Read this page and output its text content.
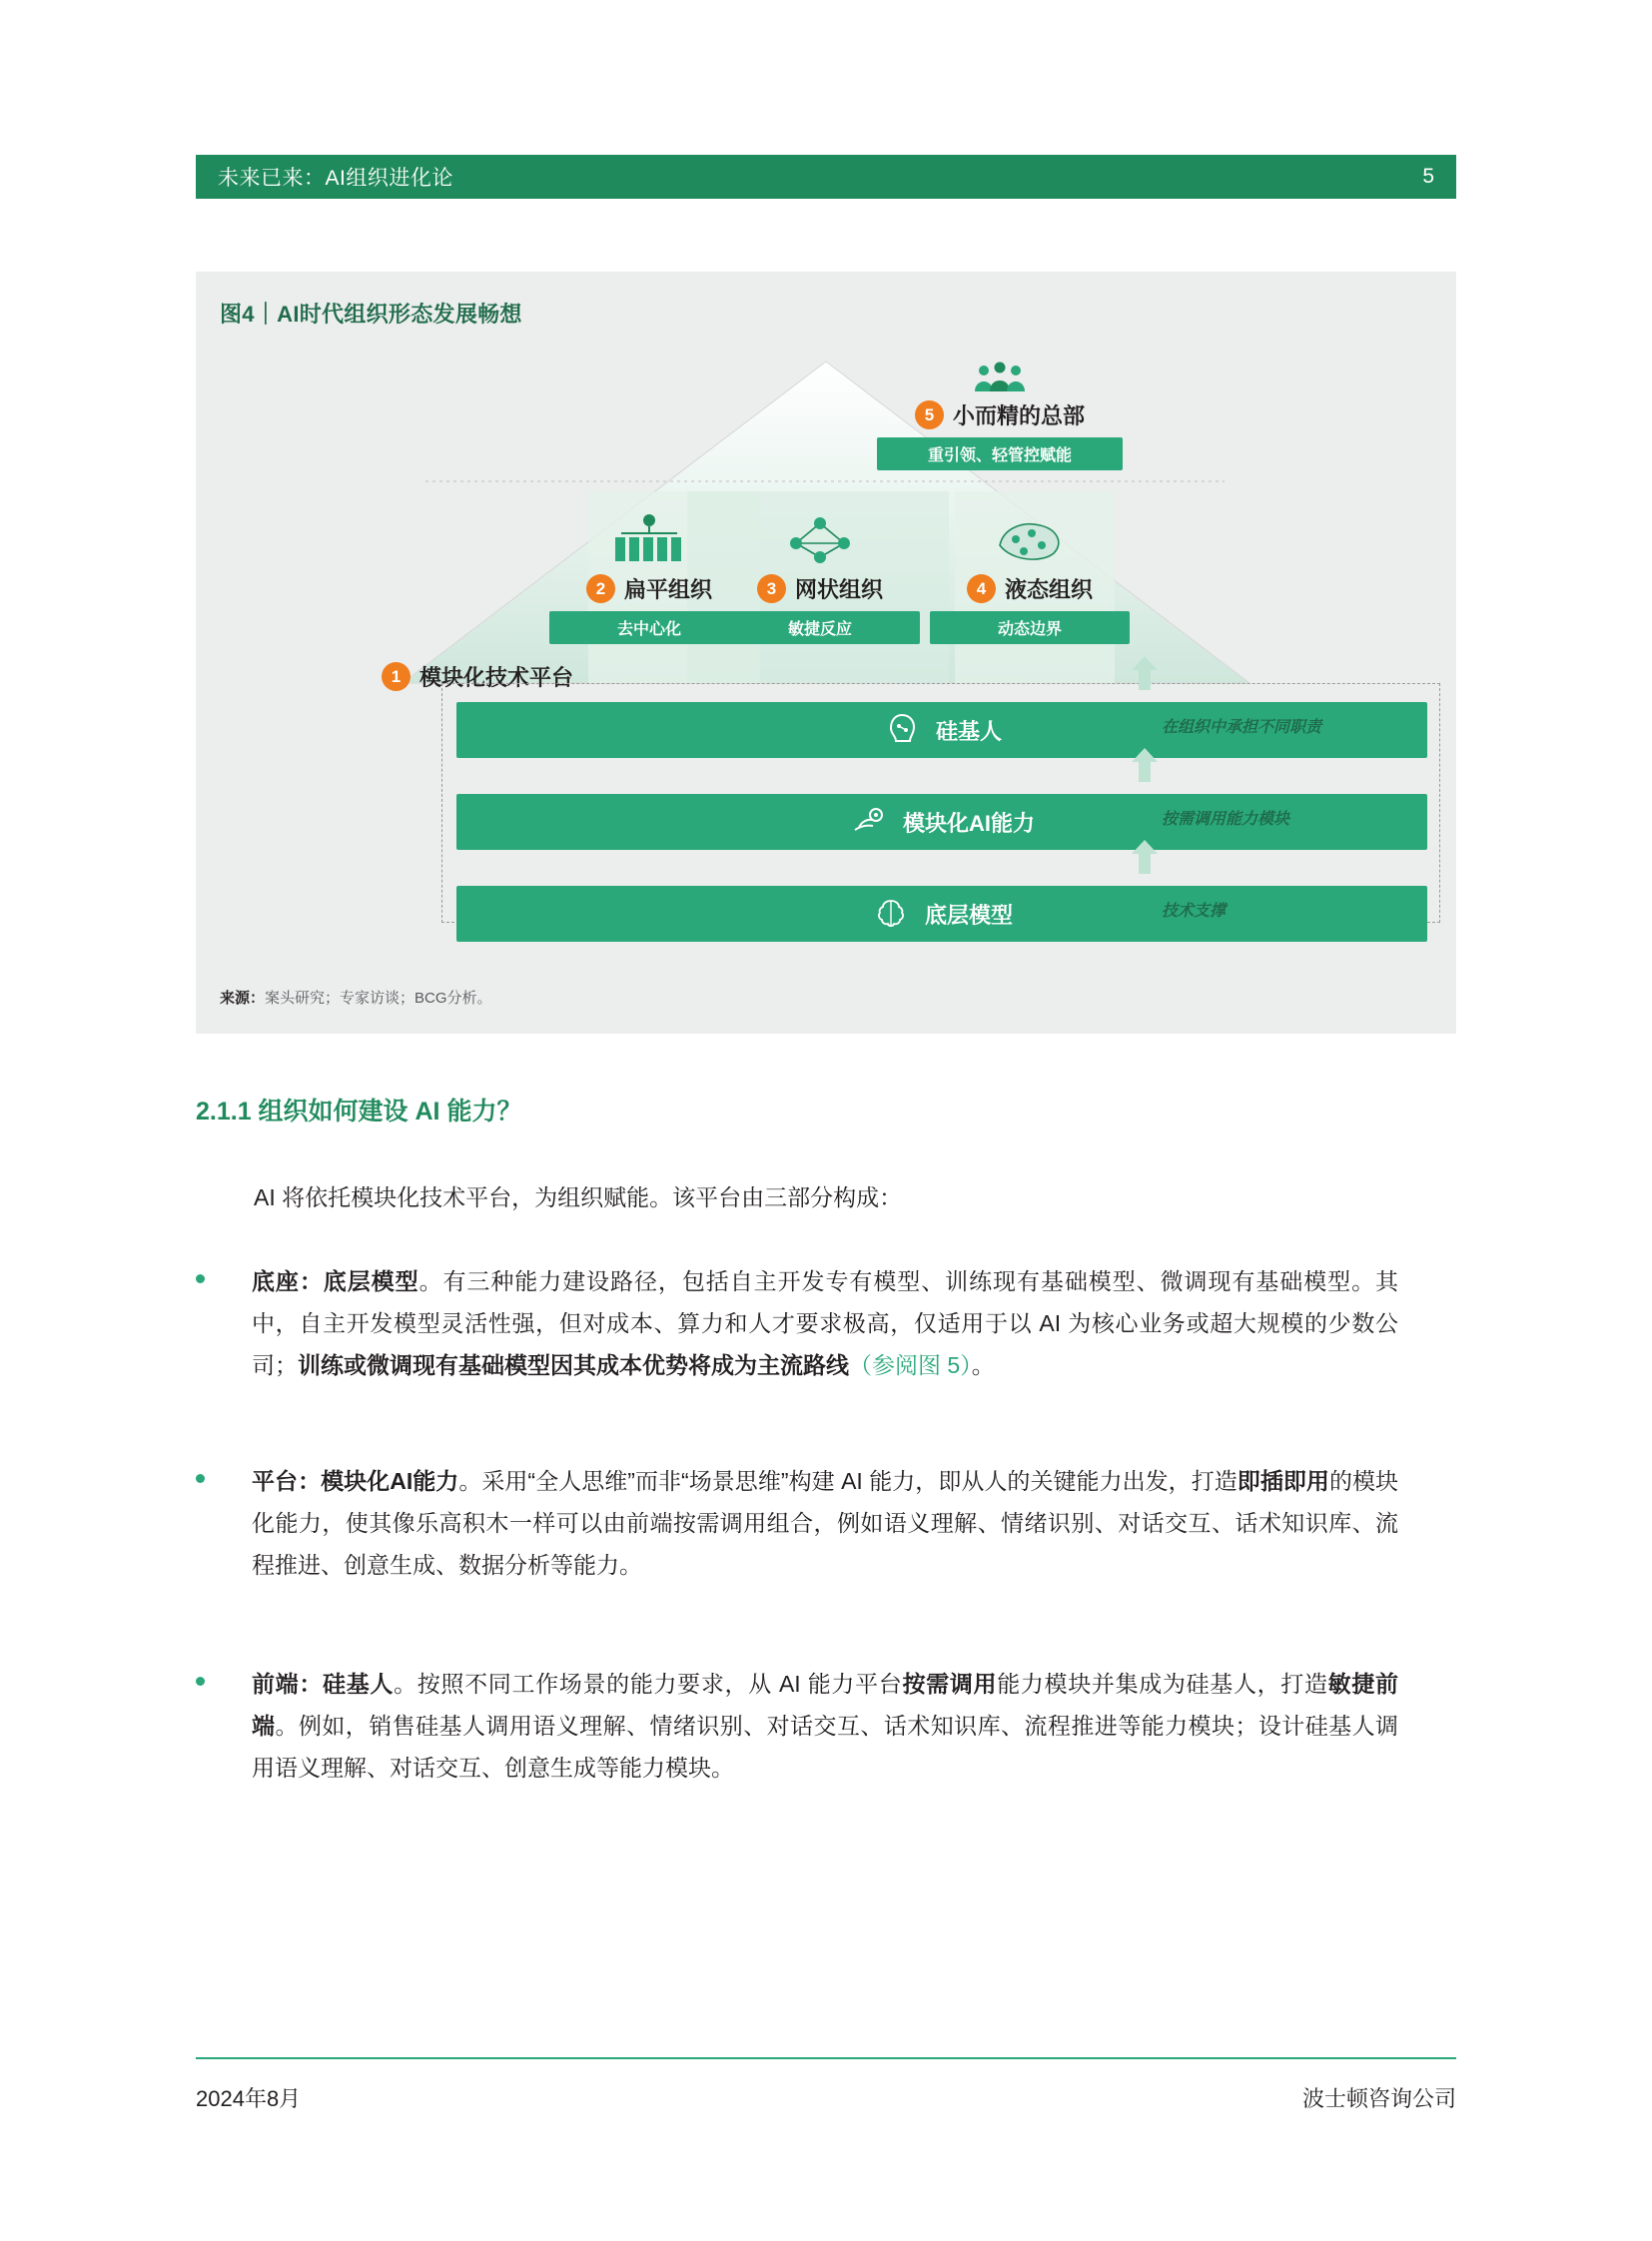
未来已来：AI组织进化论	5
图4｜AI时代组织形态发展畅想
5 小而精的总部
重引领、轻管控赋能
2 扁平组织
去中心化
3 网状组织
敏捷反应
4 液态组织
动态边界
1 模块化技术平台
硅基人	在组织中承担不同职责
模块化AI能力	按需调用能力模块
底层模型	技术支撑
来源：案头研究；专家访谈；BCG分析。
2.1.1 组织如何建设 AI 能力？
AI 将依托模块化技术平台，为组织赋能。该平台由三部分构成：
底座：底层模型。有三种能力建设路径，包括自主开发专有模型、训练现有基础模型、微调现有基础模型。其中，自主开发模型灵活性强，但对成本、算力和人才要求极高，仅适用于以 AI 为核心业务或超大规模的少数公司；训练或微调现有基础模型因其成本优势将成为主流路线（参阅图 5）。
平台：模块化AI能力。采用“全人思维”而非“场景思维”构建 AI 能力，即从人的关键能力出发，打造即插即用的模块化能力，使其像乐高积木一样可以由前端按需调用组合，例如语义理解、情绪识别、对话交互、话术知识库、流程推进、创意生成、数据分析等能力。
前端：硅基人。按照不同工作场景的能力要求，从 AI 能力平台按需调用能力模块并集成为硅基人，打造敏捷前端。例如，销售硅基人调用语义理解、情绪识别、对话交互、话术知识库、流程推进等能力模块；设计硅基人调用语义理解、对话交互、创意生成等能力模块。
2024年8月	波士顿咨询公司
